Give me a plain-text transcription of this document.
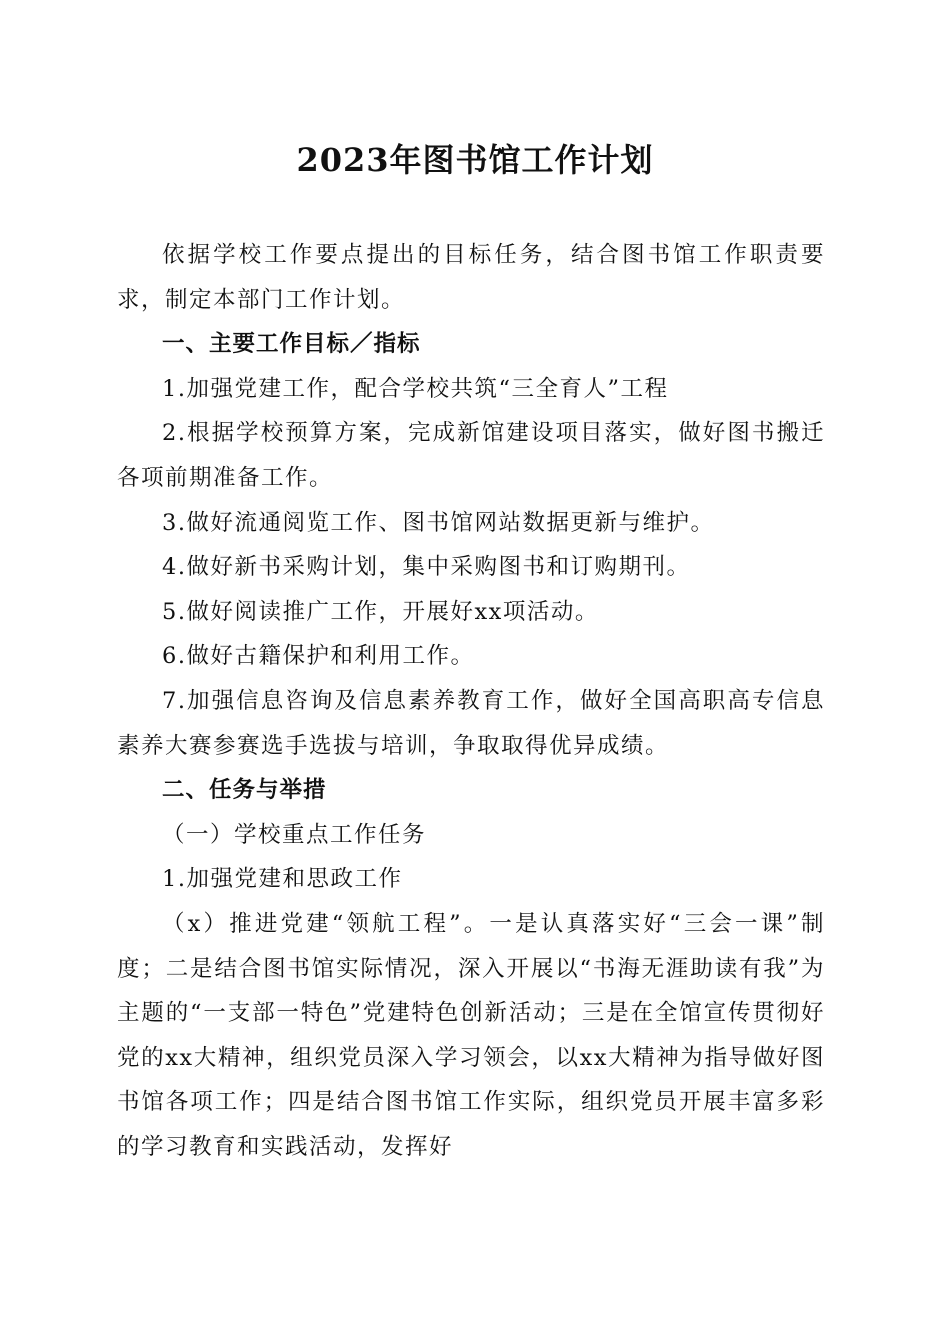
2023年图书馆工作计划

依据学校工作要点提出的目标任务，结合图书馆工作职责要求，制定本部门工作计划。

一、主要工作目标／指标

1.加强党建工作，配合学校共筑“三全育人”工程

2.根据学校预算方案，完成新馆建设项目落实，做好图书搬迁各项前期准备工作。

3.做好流通阅览工作、图书馆网站数据更新与维护。

4.做好新书采购计划，集中采购图书和订购期刊。

5.做好阅读推广工作，开展好xx项活动。

6.做好古籍保护和利用工作。

7.加强信息咨询及信息素养教育工作，做好全国高职高专信息素养大赛参赛选手选拔与培训，争取取得优异成绩。

二、任务与举措

（一）学校重点工作任务

1.加强党建和思政工作

（x）推进党建“领航工程”。一是认真落实好“三会一课”制度；二是结合图书馆实际情况，深入开展以“书海无涯助读有我”为主题的“一支部一特色”党建特色创新活动；三是在全馆宣传贯彻好党的xx大精神，组织党员深入学习领会，以xx大精神为指导做好图书馆各项工作；四是结合图书馆工作实际，组织党员开展丰富多彩的学习教育和实践活动，发挥好
